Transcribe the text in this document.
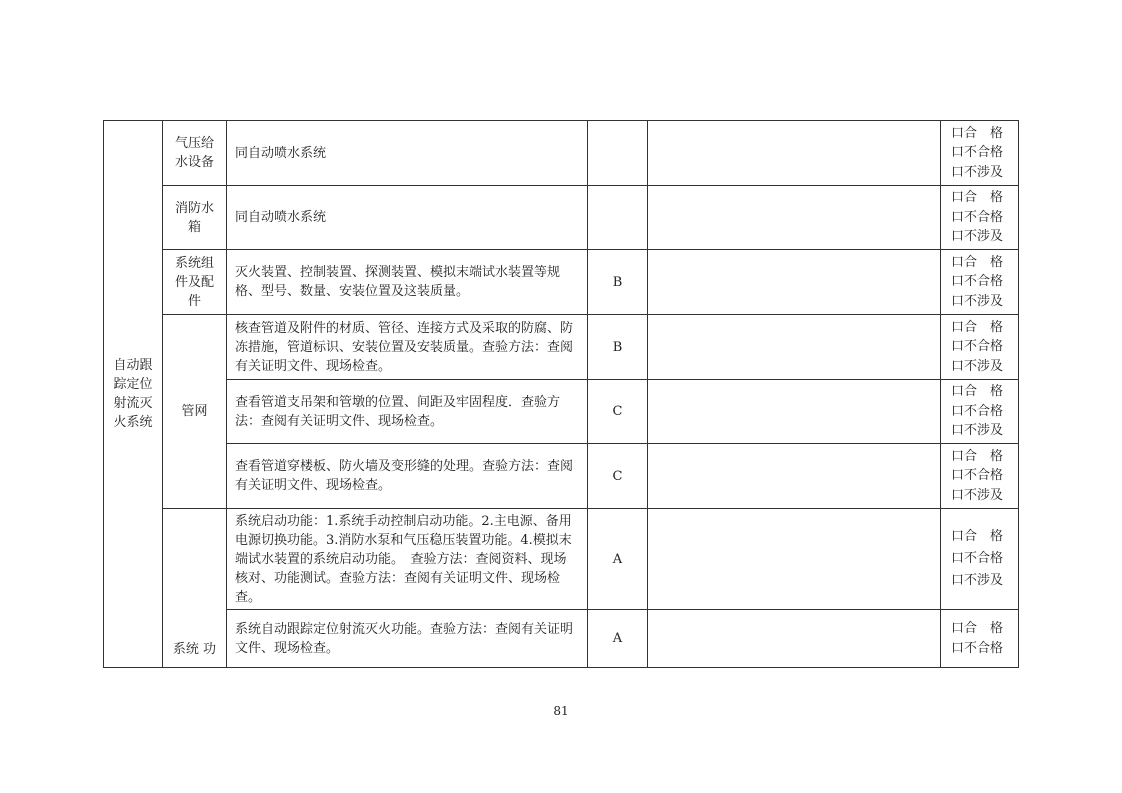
自动跟
踪定位
射流灭
火系统	气压给
水设备	同自动喷水系统			口合　格
口不合格
口不涉及

	消防水
箱	同自动喷水系统			口合　格
口不合格
口不涉及

	系统组
件及配
件	灭火装置、控制装置、探测装置、模拟末端试水装置等规格、型号、数量、安装位置及这装质量。	B		口合　格
口不合格
口不涉及

	管网	核查管道及附件的材质、管径、连接方式及采取的防腐、防冻措施，管道标识、安装位置及安装质量。查验方法：查阅有关证明文件、现场检查。	B		口合　格
口不合格
口不涉及

		查看管道支吊架和管墩的位置、间距及牢固程度．查验方法：查阅有关证明文件、现场检查。	C		口合　格
口不合格
口不涉及

		查看管道穿楼板、防火墙及变形缝的处理。查验方法：查阅有关证明文件、现场检查。	C		口合　格
口不合格
口不涉及

	系统 功	系统启动功能：1.系统手动控制启动功能。2.主电源、备用电源切换功能。3.消防水泵和气压稳压装置功能。4.模拟末端试水装置的系统启动功能。　查验方法：查阅资料、现场核对、功能测试。查验方法：查阅有关证明文件、现场检查。	A		口合　格
口不合格
口不涉及

		系统自动跟踪定位射流灭火功能。查验方法：查阅有关证明文件、现场检查。	A		口合　格
口不合格
81
